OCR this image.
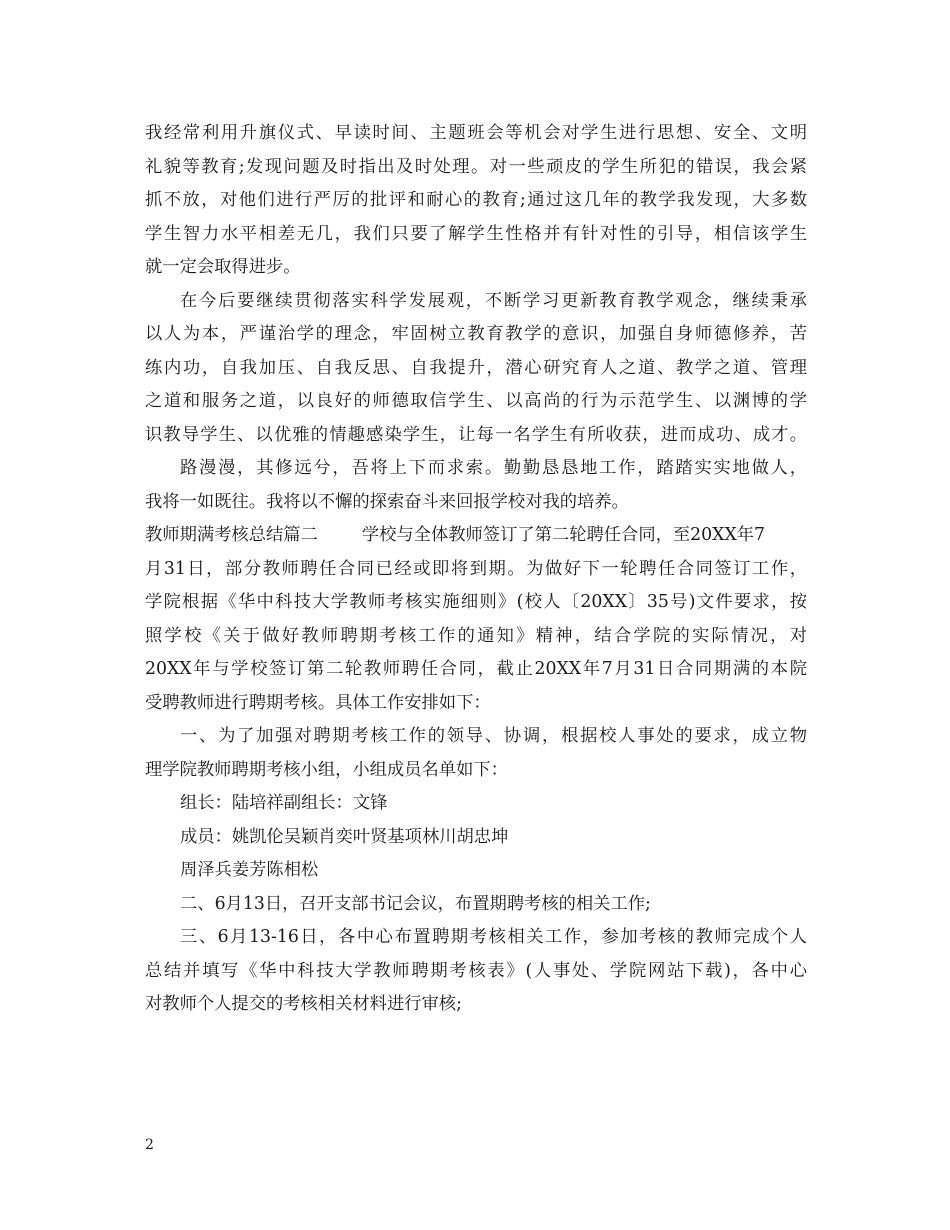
我经常利用升旗仪式、早读时间、主题班会等机会对学生进行思想、安全、文明

礼貌等教育;发现问题及时指出及时处理。对一些顽皮的学生所犯的错误，我会紧

抓不放，对他们进行严厉的批评和耐心的教育;通过这几年的教学我发现，大多数

学生智力水平相差无几，我们只要了解学生性格并有针对性的引导，相信该学生

就一定会取得进步。

在今后要继续贯彻落实科学发展观，不断学习更新教育教学观念，继续秉承

以人为本，严谨治学的理念，牢固树立教育教学的意识，加强自身师德修养，苦

练内功，自我加压、自我反思、自我提升，潜心研究育人之道、教学之道、管理

之道和服务之道，以良好的师德取信学生、以高尚的行为示范学生、以渊博的学

识教导学生、以优雅的情趣感染学生，让每一名学生有所收获，进而成功、成才。

路漫漫，其修远兮，吾将上下而求索。勤勤恳恳地工作，踏踏实实地做人，

我将一如既往。我将以不懈的探索奋斗来回报学校对我的培养。

教师期满考核总结篇二	学校与全体教师签订了第二轮聘任合同，至20XX年7

月31日，部分教师聘任合同已经或即将到期。为做好下一轮聘任合同签订工作，

学院根据《华中科技大学教师考核实施细则》(校人〔20XX〕35号)文件要求，按

照学校《关于做好教师聘期考核工作的通知》精神，结合学院的实际情况，对

20XX年与学校签订第二轮教师聘任合同，截止20XX年7月31日合同期满的本院

受聘教师进行聘期考核。具体工作安排如下：

一、为了加强对聘期考核工作的领导、协调，根据校人事处的要求，成立物

理学院教师聘期考核小组，小组成员名单如下：

组长：陆培祥副组长：文锋

成员：姚凯伦吴颖肖奕叶贤基项林川胡忠坤

周泽兵姜芳陈相松

二、6月13日，召开支部书记会议，布置期聘考核的相关工作;

三、6月13-16日，各中心布置聘期考核相关工作，参加考核的教师完成个人

总结并填写《华中科技大学教师聘期考核表》(人事处、学院网站下载)，各中心

对教师个人提交的考核相关材料进行审核;

2
